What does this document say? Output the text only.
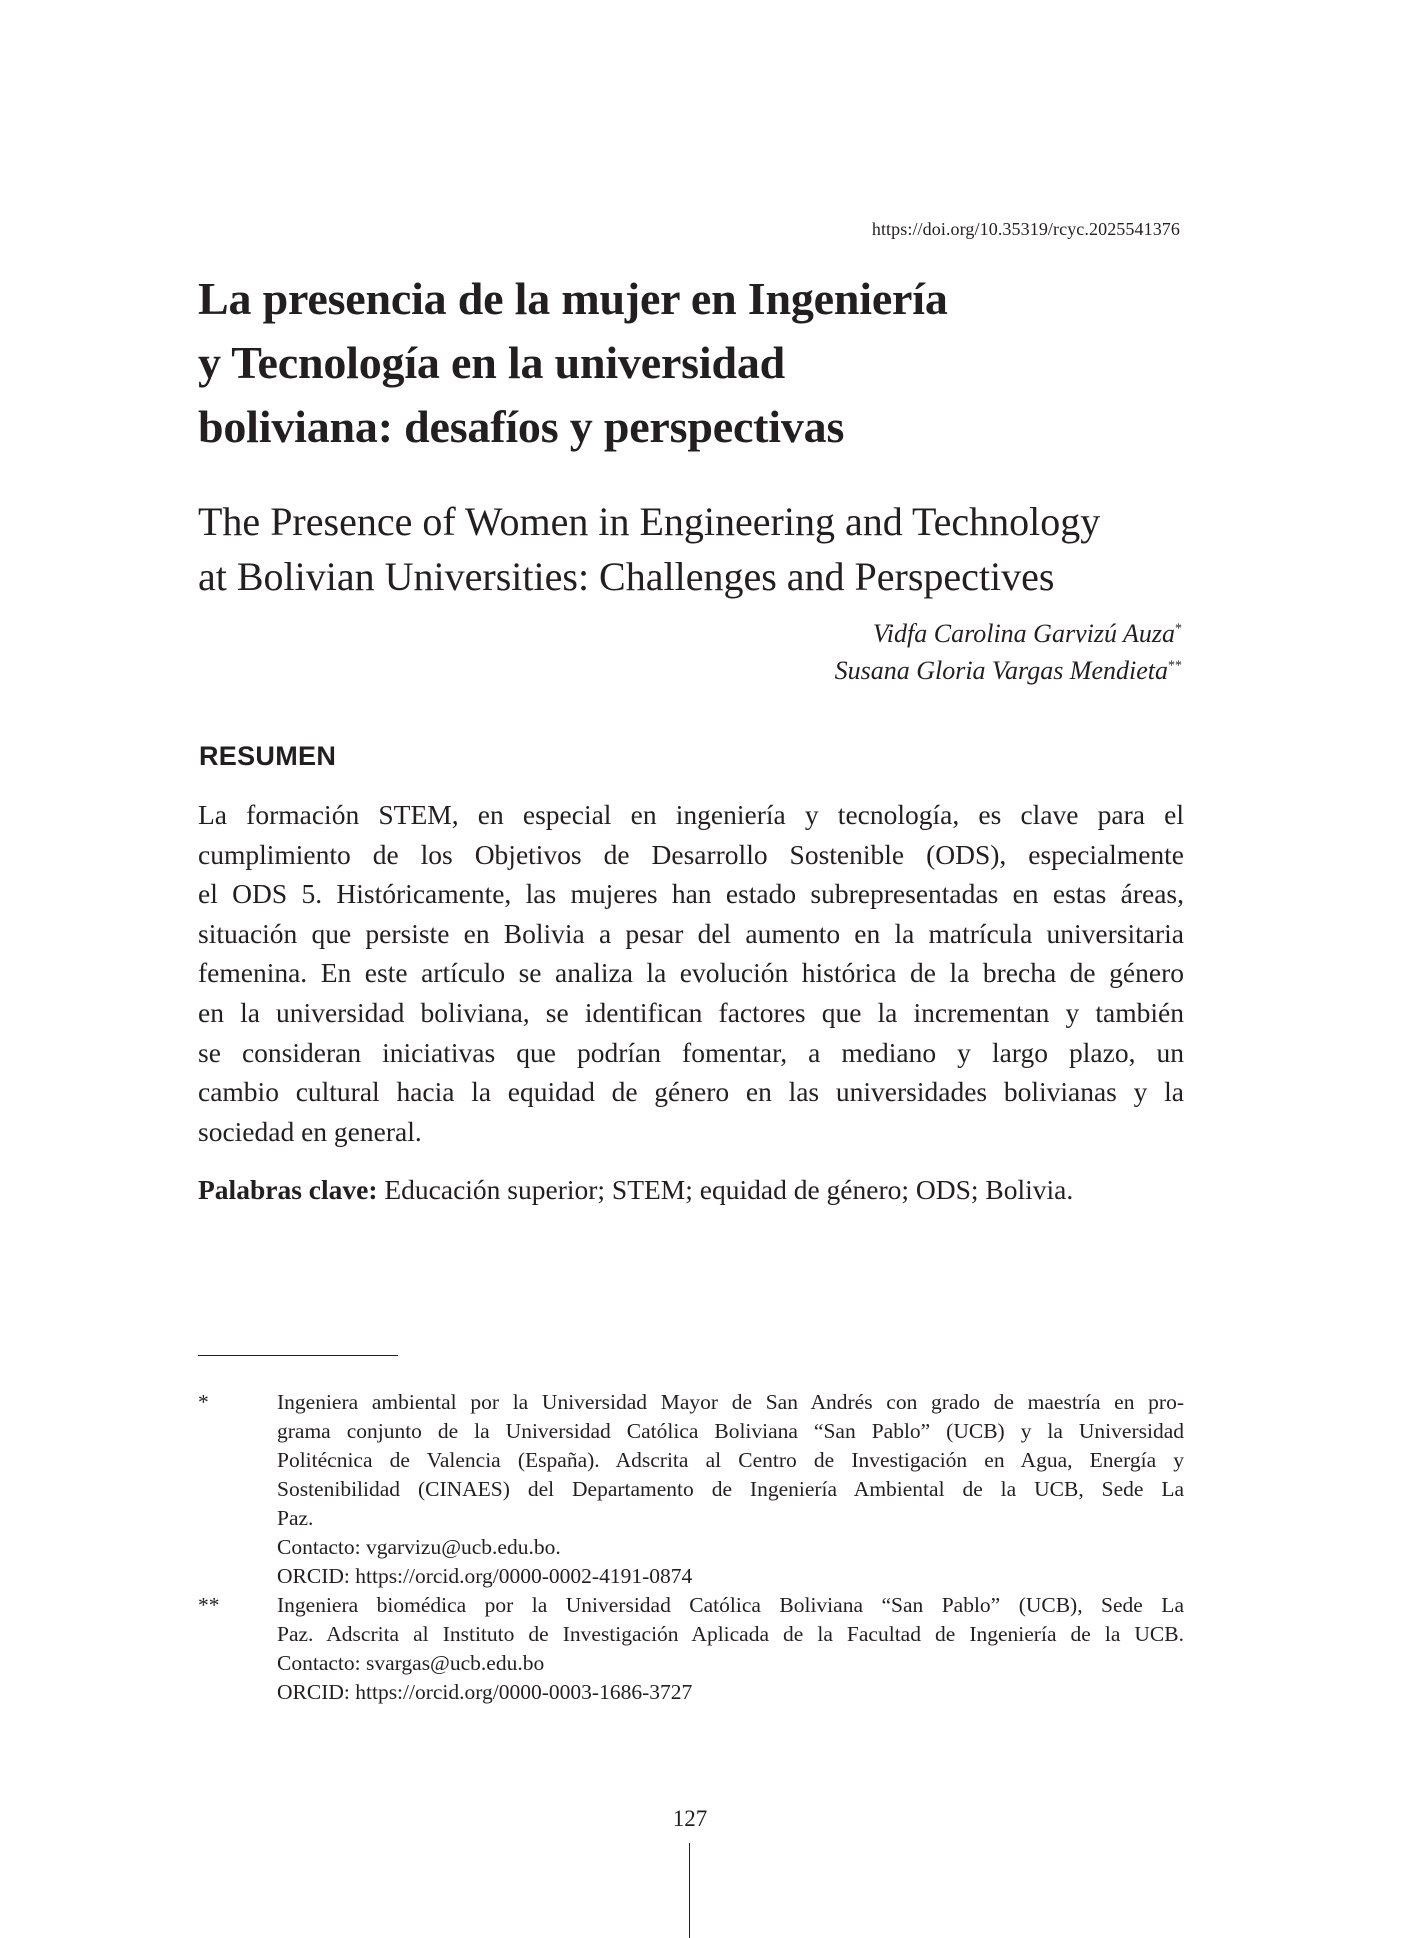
https://doi.org/10.35319/rcyc.2025541376
La presencia de la mujer en Ingeniería
y Tecnología en la universidad
boliviana: desafíos y perspectivas
The Presence of Women in Engineering and Technology
at Bolivian Universities: Challenges and Perspectives
Vidfa Carolina Garvizú Auza*
Susana Gloria Vargas Mendieta**
RESUMEN
La formación STEM, en especial en ingeniería y tecnología, es clave para el
cumplimiento de los Objetivos de Desarrollo Sostenible (ODS), especialmente
el ODS 5. Históricamente, las mujeres han estado subrepresentadas en estas áreas,
situación que persiste en Bolivia a pesar del aumento en la matrícula universitaria
femenina. En este artículo se analiza la evolución histórica de la brecha de género
en la universidad boliviana, se identifican factores que la incrementan y también
se consideran iniciativas que podrían fomentar, a mediano y largo plazo, un
cambio cultural hacia la equidad de género en las universidades bolivianas y la
sociedad en general.
Palabras clave: Educación superior; STEM; equidad de género; ODS; Bolivia.
*	Ingeniera ambiental por la Universidad Mayor de San Andrés con grado de maestría en pro-
grama conjunto de la Universidad Católica Boliviana “San Pablo” (UCB) y la Universidad
Politécnica de Valencia (España). Adscrita al Centro de Investigación en Agua, Energía y
Sostenibilidad (CINAES) del Departamento de Ingeniería Ambiental de la UCB, Sede La
Paz.
Contacto: vgarvizu@ucb.edu.bo.
ORCID: https://orcid.org/0000-0002-4191-0874
**	Ingeniera biomédica por la Universidad Católica Boliviana “San Pablo” (UCB), Sede La
Paz. Adscrita al Instituto de Investigación Aplicada de la Facultad de Ingeniería de la UCB.
Contacto: svargas@ucb.edu.bo
ORCID: https://orcid.org/0000-0003-1686-3727
127
